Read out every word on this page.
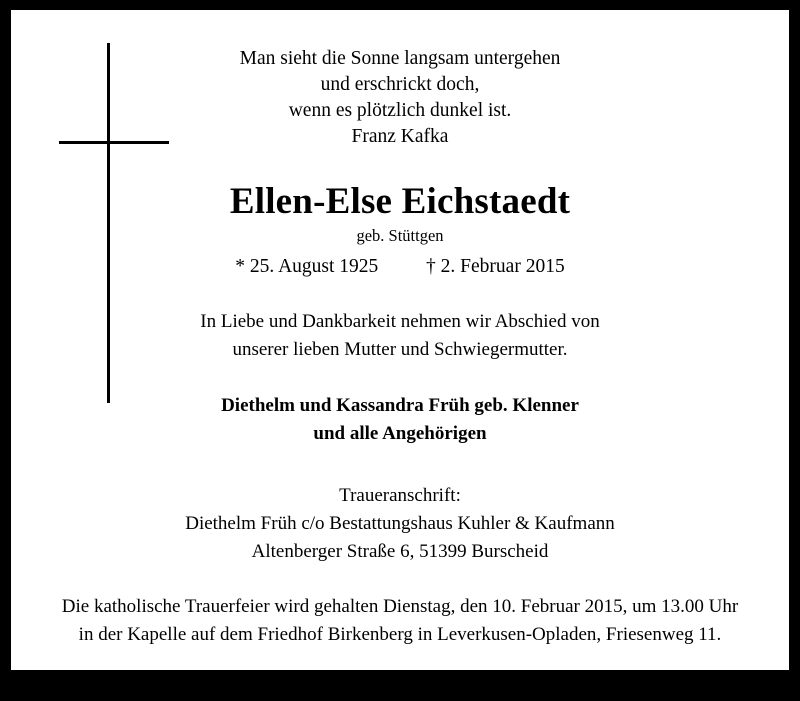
Man sieht die Sonne langsam untergehen
und erschrickt doch,
wenn es plötzlich dunkel ist.
Franz Kafka
Ellen-Else Eichstaedt
geb. Stüttgen
* 25. August 1925 † 2. Februar 2015
In Liebe und Dankbarkeit nehmen wir Abschied von
unserer lieben Mutter und Schwiegermutter.
Diethelm und Kassandra Früh geb. Klenner
und alle Angehörigen
Traueranschrift:
Diethelm Früh c/o Bestattungshaus Kuhler & Kaufmann
Altenberger Straße 6, 51399 Burscheid
Die katholische Trauerfeier wird gehalten Dienstag, den 10. Februar 2015, um 13.00 Uhr
in der Kapelle auf dem Friedhof Birkenberg in Leverkusen-Opladen, Friesenweg 11.
Daran anschließend ist die Beisetzung.
